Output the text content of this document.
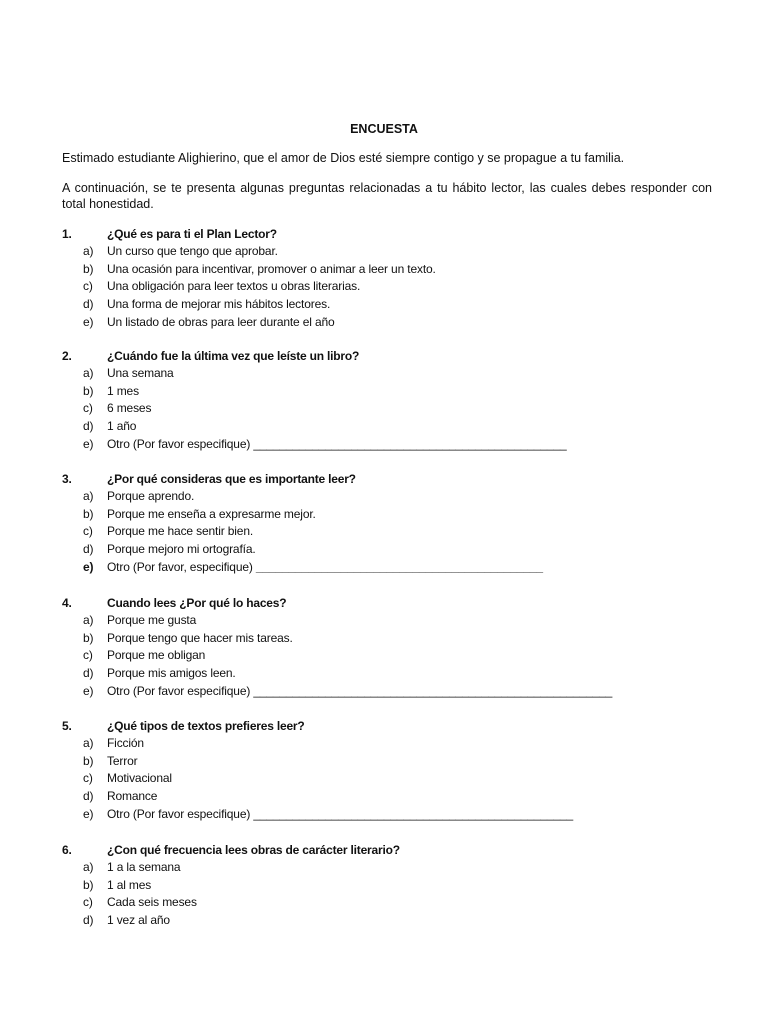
ENCUESTA
Estimado estudiante Alighierino, que el amor de Dios esté siempre contigo y se propague a tu familia.
A continuación, se te presenta algunas preguntas relacionadas a tu hábito lector, las cuales debes responder con total honestidad.
1.	¿Qué es para ti el Plan Lector?
a) Un curso que tengo que aprobar.
b) Una ocasión para incentivar, promover o animar a leer un texto.
c) Una obligación para leer textos u obras literarias.
d) Una forma de mejorar mis hábitos lectores.
e) Un listado de obras para leer durante el año
2.	¿Cuándo fue la última vez que leíste un libro?
a) Una semana
b) 1 mes
c) 6 meses
d) 1 año
e) Otro (Por favor especifique) ________________________________________________
3.	¿Por qué consideras que es importante leer?
a) Porque aprendo.
b) Porque me enseña a expresarme mejor.
c) Porque me hace sentir bien.
d) Porque mejoro mi ortografía.
e) Otro (Por favor, especifique) ____________________________________________
4.	Cuando lees ¿Por qué lo haces?
a) Porque me gusta
b) Porque tengo que hacer mis tareas.
c) Porque me obligan
d) Porque mis amigos leen.
e) Otro (Por favor especifique) _______________________________________________________
5.	¿Qué tipos de textos prefieres leer?
a) Ficción
b) Terror
c) Motivacional
d) Romance
e) Otro (Por favor especifique) _________________________________________________
6.	¿Con qué frecuencia lees obras de carácter literario?
a) 1 a la semana
b) 1 al mes
c) Cada seis meses
d) 1 vez al año
